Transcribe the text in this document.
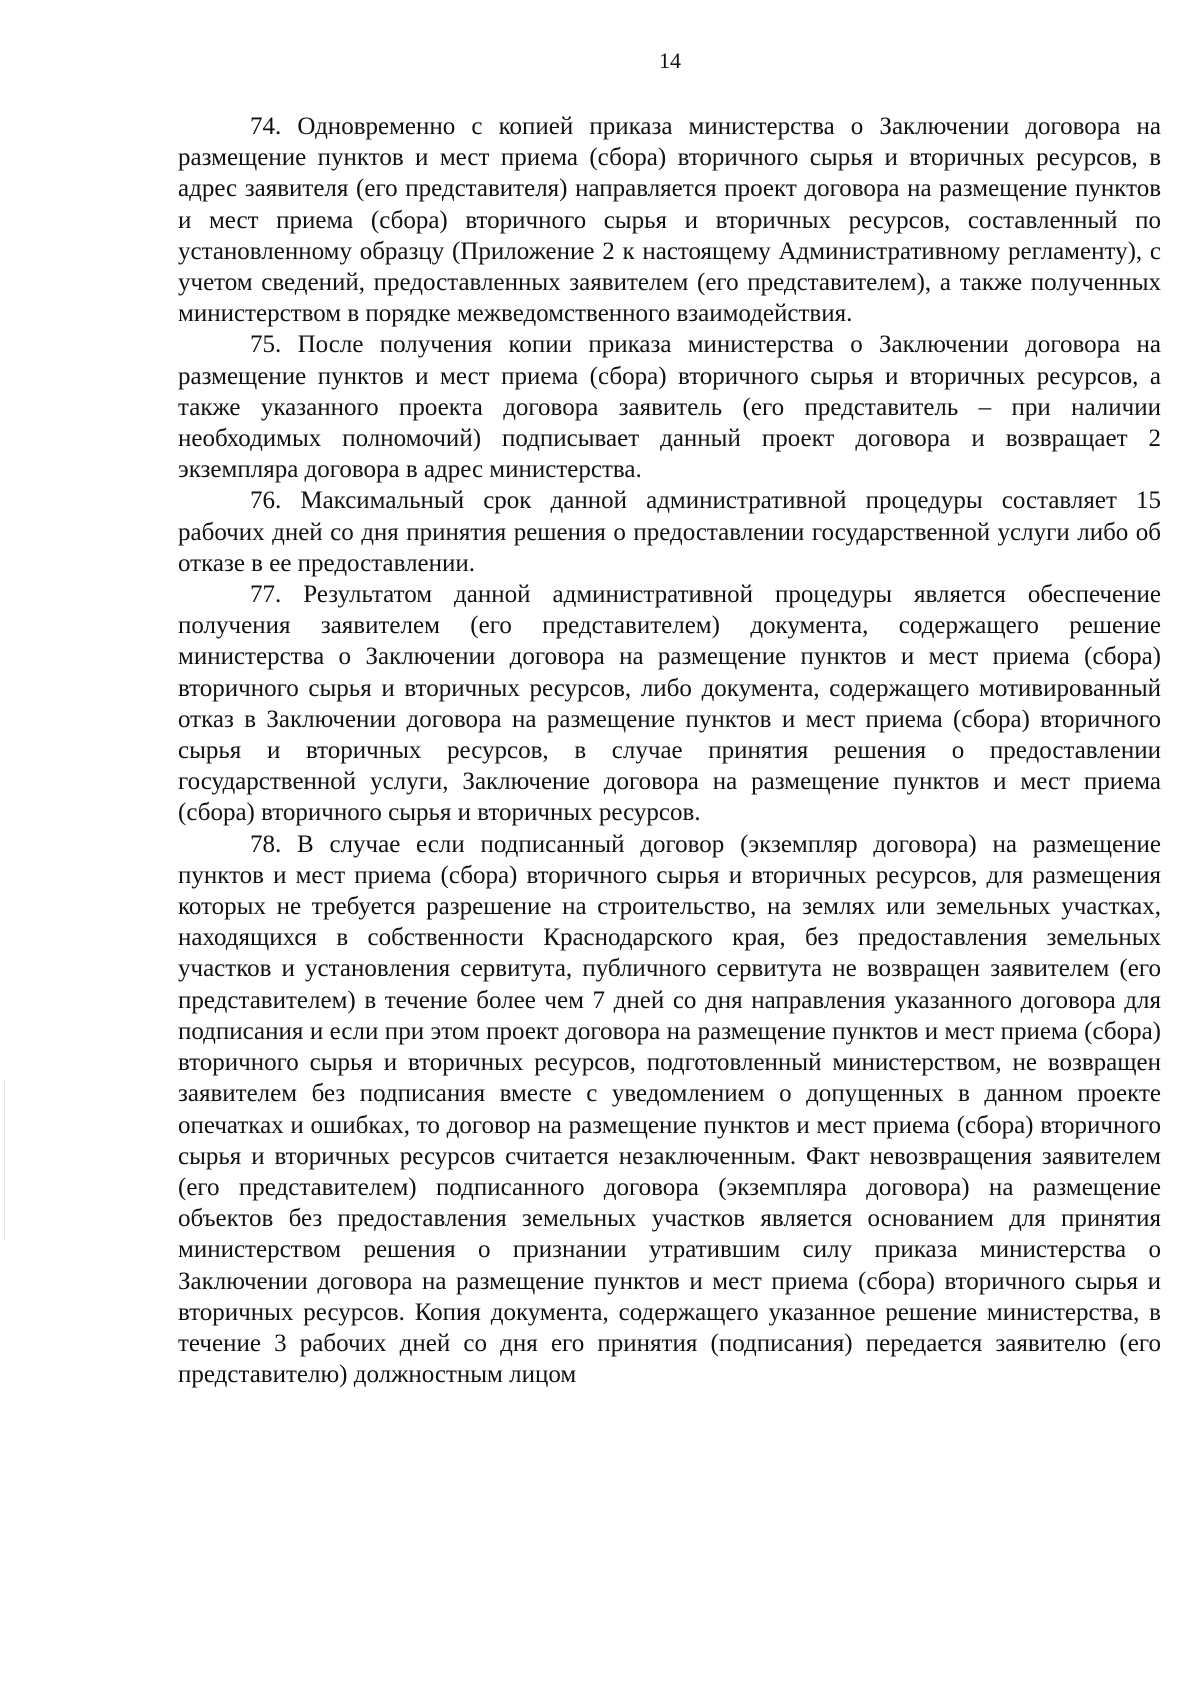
14

74. Одновременно с копией приказа министерства о Заключении договора на размещение пунктов и мест приема (сбора) вторичного сырья и вторичных ресурсов, в адрес заявителя (его представителя) направляется проект договора на размещение пунктов и мест приема (сбора) вторичного сырья и вторичных ресурсов, составленный по установленному образцу (Приложение 2 к настоящему Административному регламенту), с учетом сведений, предоставленных заявителем (его представителем), а также полученных министерством в порядке межведомственного взаимодействия.

75. После получения копии приказа министерства о Заключении договора на размещение пунктов и мест приема (сбора) вторичного сырья и вторичных ресурсов, а также указанного проекта договора заявитель (его представитель – при наличии необходимых полномочий) подписывает данный проект договора и возвращает 2 экземпляра договора в адрес министерства.

76. Максимальный срок данной административной процедуры составляет 15 рабочих дней со дня принятия решения о предоставлении государственной услуги либо об отказе в ее предоставлении.

77. Результатом данной административной процедуры является обеспечение получения заявителем (его представителем) документа, содержащего решение министерства о Заключении договора на размещение пунктов и мест приема (сбора) вторичного сырья и вторичных ресурсов, либо документа, содержащего мотивированный отказ в Заключении договора на размещение пунктов и мест приема (сбора) вторичного сырья и вторичных ресурсов, в случае принятия решения о предоставлении государственной услуги, Заключение договора на размещение пунктов и мест приема (сбора) вторичного сырья и вторичных ресурсов.

78. В случае если подписанный договор (экземпляр договора) на размещение пунктов и мест приема (сбора) вторичного сырья и вторичных ресурсов, для размещения которых не требуется разрешение на строительство, на землях или земельных участках, находящихся в собственности Краснодарского края, без предоставления земельных участков и установления сервитута, публичного сервитута не возвращен заявителем (его представителем) в течение более чем 7 дней со дня направления указанного договора для подписания и если при этом проект договора на размещение пунктов и мест приема (сбора) вторичного сырья и вторичных ресурсов, подготовленный министерством, не возвращен заявителем без подписания вместе с уведомлением о допущенных в данном проекте опечатках и ошибках, то договор на размещение пунктов и мест приема (сбора) вторичного сырья и вторичных ресурсов считается незаключенным. Факт невозвращения заявителем (его представителем) подписанного договора (экземпляра договора) на размещение объектов без предоставления земельных участков является основанием для принятия министерством решения о признании утратившим силу приказа министерства о Заключении договора на размещение пунктов и мест приема (сбора) вторичного сырья и вторичных ресурсов. Копия документа, содержащего указанное решение министерства, в течение 3 рабочих дней со дня его принятия (подписания) передается заявителю (его представителю) должностным лицом
